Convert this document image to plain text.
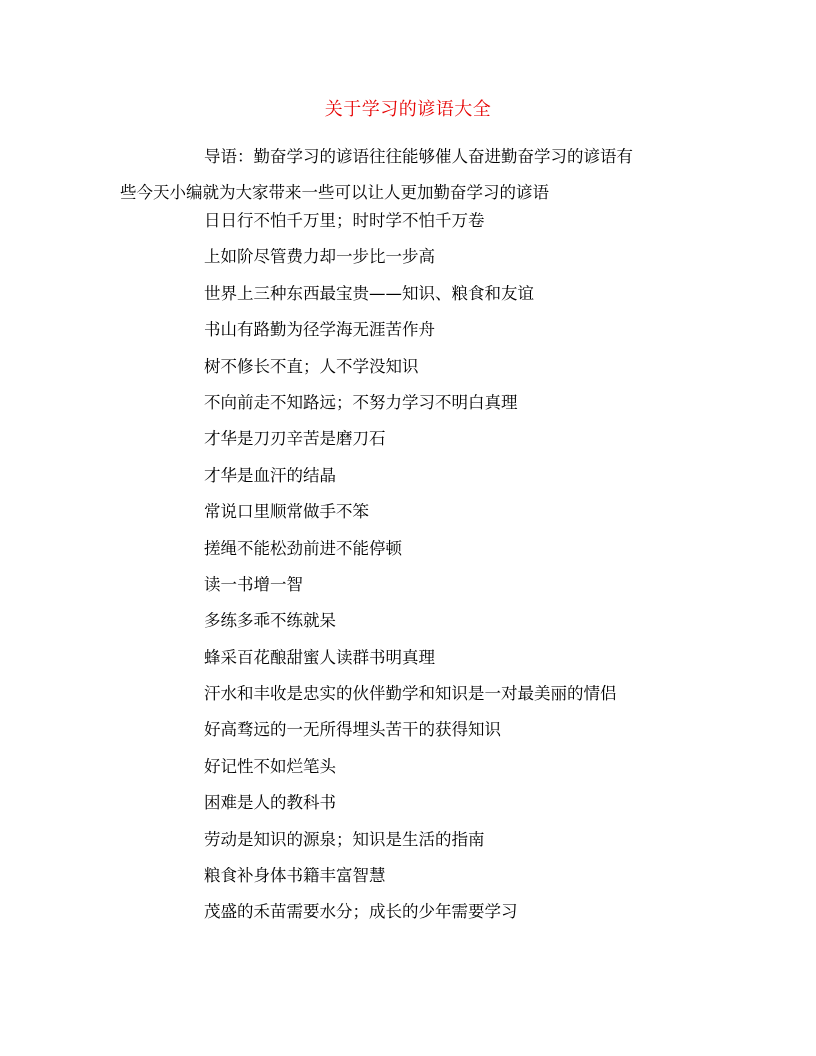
关于学习的谚语大全
导语：勤奋学习的谚语往往能够催人奋进勤奋学习的谚语有
些今天小编就为大家带来一些可以让人更加勤奋学习的谚语
日日行不怕千万里；时时学不怕千万卷
上如阶尽管费力却一步比一步高
世界上三种东西最宝贵——知识、粮食和友谊
书山有路勤为径学海无涯苦作舟
树不修长不直；人不学没知识
不向前走不知路远；不努力学习不明白真理
才华是刀刃辛苦是磨刀石
才华是血汗的结晶
常说口里顺常做手不笨
搓绳不能松劲前进不能停顿
读一书增一智
多练多乖不练就呆
蜂采百花酿甜蜜人读群书明真理
汗水和丰收是忠实的伙伴勤学和知识是一对最美丽的情侣
好高骛远的一无所得埋头苦干的获得知识
好记性不如烂笔头
困难是人的教科书
劳动是知识的源泉；知识是生活的指南
粮食补身体书籍丰富智慧
茂盛的禾苗需要水分；成长的少年需要学习
